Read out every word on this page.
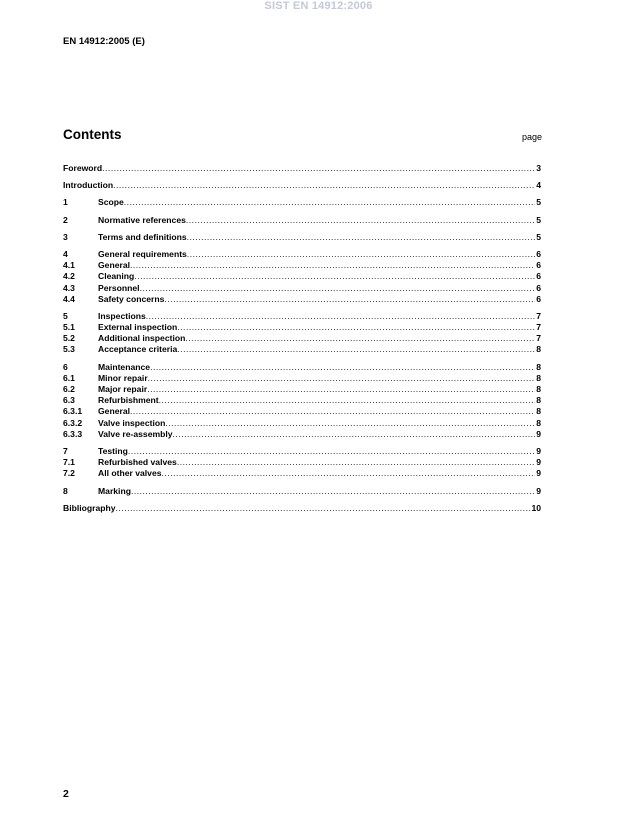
SIST EN 14912:2006
EN 14912:2005 (E)
Contents	page
Foreword .....	3
Introduction .....	4
1	Scope .....	5
2	Normative references .....	5
3	Terms and definitions .....	5
4	General requirements .....	6
4.1	General .....	6
4.2	Cleaning .....	6
4.3	Personnel .....	6
4.4	Safety concerns .....	6
5	Inspections .....	7
5.1	External inspection .....	7
5.2	Additional inspection .....	7
5.3	Acceptance criteria .....	8
6	Maintenance .....	8
6.1	Minor repair .....	8
6.2	Major repair .....	8
6.3	Refurbishment .....	8
6.3.1	General .....	8
6.3.2	Valve inspection .....	8
6.3.3	Valve re-assembly .....	9
7	Testing .....	9
7.1	Refurbished valves .....	9
7.2	All other valves .....	9
8	Marking .....	9
Bibliography .....	10
2
